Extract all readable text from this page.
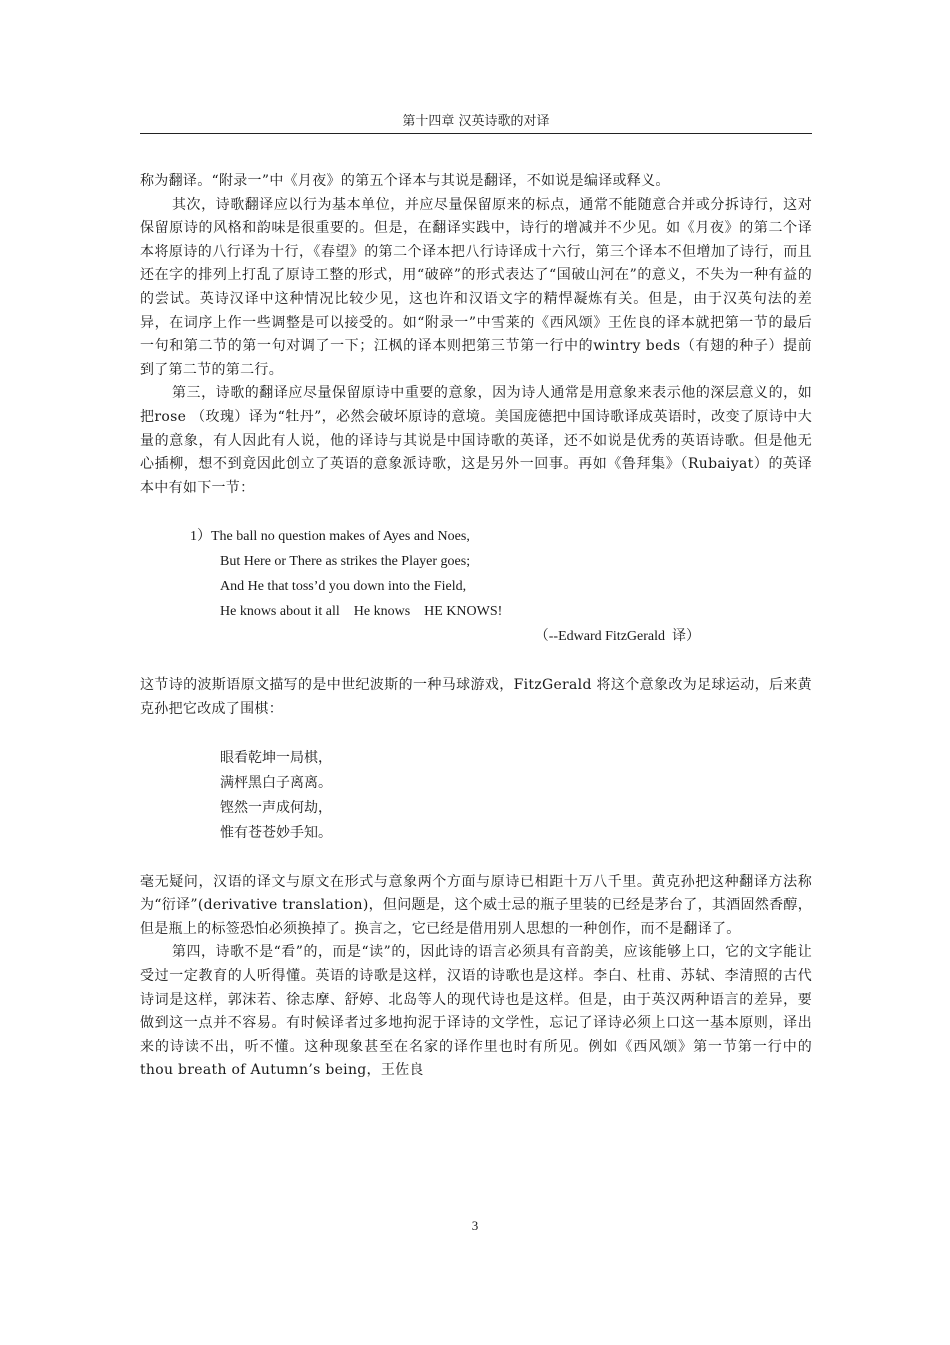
第十四章 汉英诗歌的对译

称为翻译。“附录一”中《月夜》的第五个译本与其说是翻译，不如说是编译或释义。

其次，诗歌翻译应以行为基本单位，并应尽量保留原来的标点，通常不能随意合并或分拆诗行，这对保留原诗的风格和韵味是很重要的。但是，在翻译实践中，诗行的增减并不少见。如《月夜》的第二个译本将原诗的八行译为十行，《春望》的第二个译本把八行诗译成十六行，第三个译本不但增加了诗行，而且还在字的排列上打乱了原诗工整的形式，用“破碎”的形式表达了“国破山河在”的意义，不失为一种有益的的尝试。英诗汉译中这种情况比较少见，这也许和汉语文字的精悍凝炼有关。但是，由于汉英句法的差异，在词序上作一些调整是可以接受的。如“附录一”中雪莱的《西风颂》王佐良的译本就把第一节的最后一句和第二节的第一句对调了一下；江枫的译本则把第三节第一行中的wintry beds（有翅的种子）提前到了第二节的第二行。

第三，诗歌的翻译应尽量保留原诗中重要的意象，因为诗人通常是用意象来表示他的深层意义的，如把rose （玫瑰）译为“牡丹”，必然会破坏原诗的意境。美国庞德把中国诗歌译成英语时，改变了原诗中大量的意象，有人因此有人说，他的译诗与其说是中国诗歌的英译，还不如说是优秀的英语诗歌。但是他无心插柳，想不到竟因此创立了英语的意象派诗歌，这是另外一回事。再如《鲁拜集》（Rubaiyat）的英译本中有如下一节：

1）The ball no question makes of Ayes and Noes,
But Here or There as strikes the Player goes;
And He that toss’d you down into the Field,
He knows about it all    He knows    HE KNOWS!
（--Edward FitzGerald  译）

这节诗的波斯语原文描写的是中世纪波斯的一种马球游戏，FitzGerald 将这个意象改为足球运动，后来黄克孙把它改成了围棋：

眼看乾坤一局棋，
满枰黑白子离离。
铿然一声成何劫，
惟有苍苍妙手知。

毫无疑问，汉语的译文与原文在形式与意象两个方面与原诗已相距十万八千里。黄克孙把这种翻译方法称为“衍译”(derivative translation)，但问题是，这个威士忌的瓶子里装的已经是茅台了，其酒固然香醇，但是瓶上的标签恐怕必须换掉了。换言之，它已经是借用别人思想的一种创作，而不是翻译了。

第四，诗歌不是“看”的，而是“读”的，因此诗的语言必须具有音韵美，应该能够上口，它的文字能让受过一定教育的人听得懂。英语的诗歌是这样，汉语的诗歌也是这样。李白、杜甫、苏轼、李清照的古代诗词是这样，郭沫若、徐志摩、舒婷、北岛等人的现代诗也是这样。但是，由于英汉两种语言的差异，要做到这一点并不容易。有时候译者过多地拘泥于译诗的文学性，忘记了译诗必须上口这一基本原则，译出来的诗读不出，听不懂。这种现象甚至在名家的译作里也时有所见。例如《西风颂》第一节第一行中的thou breath of Autumn’s being，王佐良

3
